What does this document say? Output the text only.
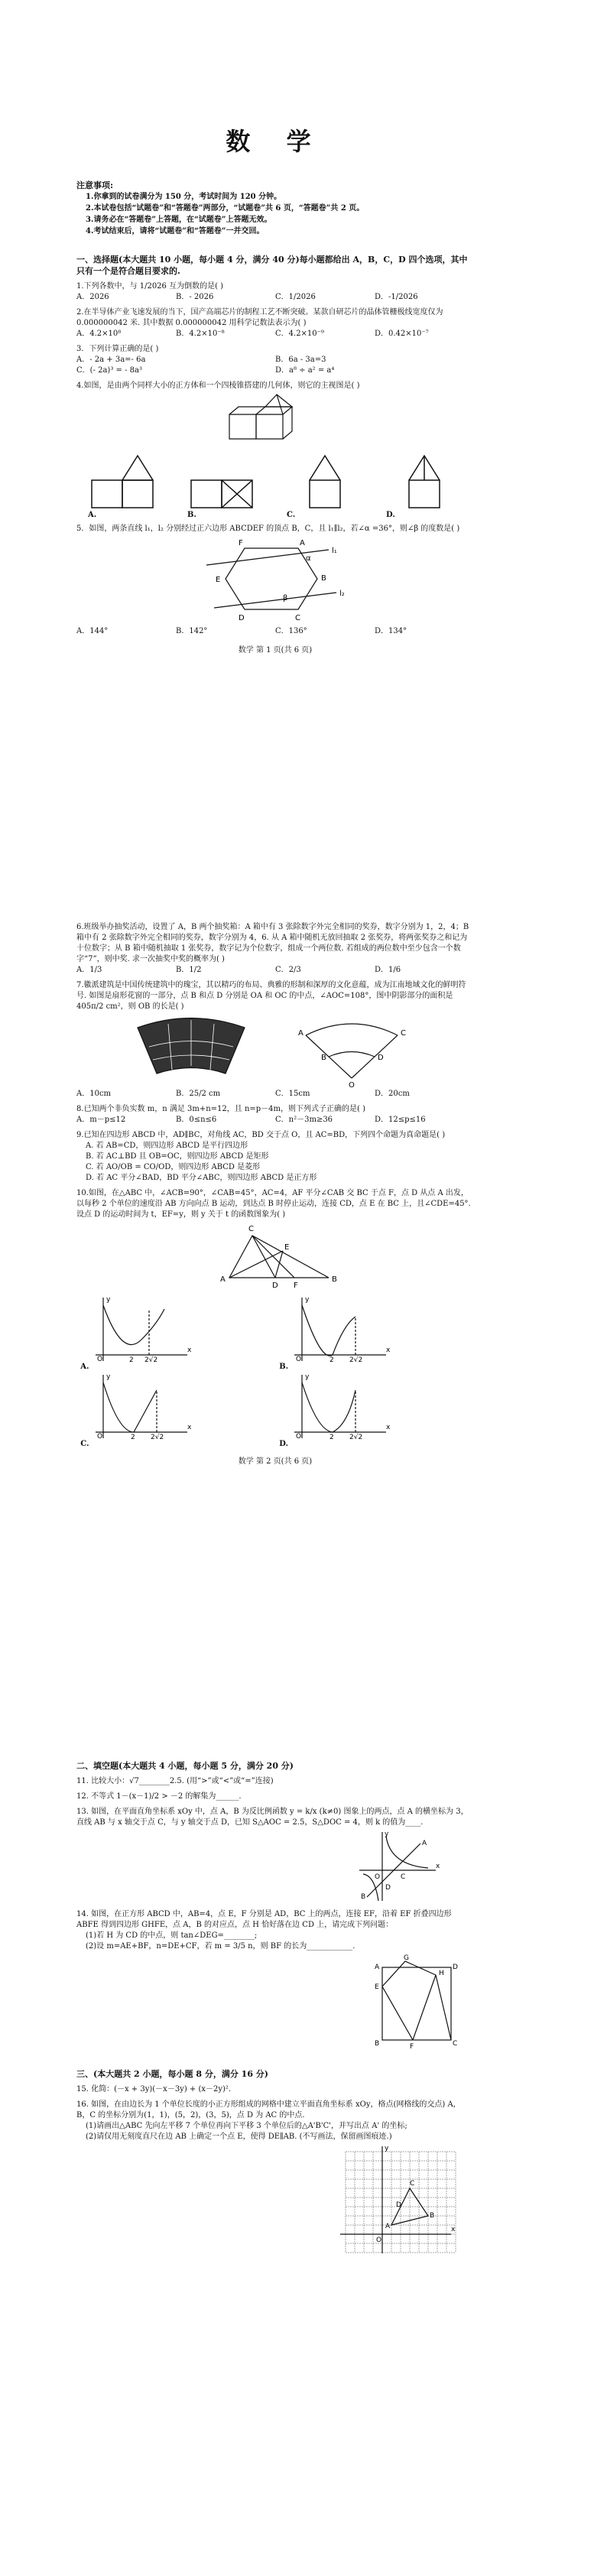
数 学
注意事项:
1.你拿到的试卷满分为 150 分，考试时间为 120 分钟。
2.本试卷包括“试题卷”和“答题卷”两部分，“试题卷”共 6 页，“答题卷”共 2 页。
3.请务必在“答题卷”上答题，在“试题卷”上答题无效。
4.考试结束后，请将“试题卷”和“答题卷”一并交回。
一、选择题(本大题共 10 小题，每小题 4 分，满分 40 分)每小题都给出 A，B，C，D 四个选项，其中只有一个是符合题目要求的.
1.下列各数中，与 1/2026 互为倒数的是( )
A．2026	B．- 2026	C．1/2026	D．-1/2026
2.在半导体产业飞速发展的当下，国产高端芯片的制程工艺不断突破。某款自研芯片的晶体管栅极线宽度仅为 0.000000042 米. 其中数据 0.000000042 用科学记数法表示为( )
A．4.2×10⁸	B．4.2×10⁻⁸	C．4.2×10⁻⁹	D．0.42×10⁻⁷
3．下列计算正确的是( )
A．- 2a + 3a=- 6a	B．6a - 3a=3
C．(- 2a)³ = - 8a³	D．a⁸ ÷ a² = a⁴
4.如图，是由两个同样大小的正方体和一个四棱锥搭建的几何体，则它的主视图是( )
A.	B.	C.	D.
5．如图，两条直线 l₁，l₂ 分别经过正六边形 ABCDEF 的顶点 B，C，且 l₁∥l₂，若∠α =36°，则∠β 的度数是( )
F	A
B
C
D
E
l₁
l₂
α
β
A．144°	B．142°	C．136°	D．134°
数学 第 1 页(共 6 页)
6.班级举办抽奖活动，设置了 A，B 两个抽奖箱：A 箱中有 3 张除数字外完全相同的奖券，数字分别为 1，2，4；B 箱中有 2 张除数字外完全相同的奖券，数字分别为 4，6. 从 A 箱中随机无放回抽取 2 张奖券，将两张奖券之和记为十位数字；从 B 箱中随机抽取 1 张奖券，数字记为个位数字，组成一个两位数. 若组成的两位数中至少包含一个数字“7”，则中奖. 求一次抽奖中奖的概率为( )
A．1/3	B．1/2	C．2/3	D．1/6
7.徽派建筑是中国传统建筑中的瑰宝，其以精巧的布局、典雅的形制和深厚的文化意蕴，成为江南地域文化的鲜明符号. 如图是扇形花窗的一部分，点 B 和点 D 分别是 OA 和 OC 的中点，∠AOC=108°，图中阴影部分的面积是 405π/2 cm²，则 OB 的长是( )
A
B
C
D
O
A．10cm	B．25/2 cm	C．15cm	D．20cm
8.已知两个非负实数 m，n 满足 3m+n=12，且 n=p－4m，则下列式子正确的是( )
A．m－p≤12	B．0≤n≤6	C．n²－3m≥36	D．12≤p≤16
9.已知在四边形 ABCD 中，AD∥BC，对角线 AC，BD 交于点 O，且 AC=BD，下列四个命题为真命题是( )
A. 若 AB=CD，则四边形 ABCD 是平行四边形
B. 若 AC⊥BD 且 OB=OC，则四边形 ABCD 是矩形
C. 若 AO/OB = CO/OD，则四边形 ABCD 是菱形
D. 若 AC 平分∠BAD，BD 平分∠ABC，则四边形 ABCD 是正方形
10.如图，在△ABC 中，∠ACB=90°，∠CAB=45°，AC=4，AF 平分∠CAB 交 BC 于点 F，点 D 从点 A 出发，以每秒 2 个单位的速度沿 AB 方向向点 B 运动，到达点 B 时停止运动，连接 CD，点 E 在 BC 上，且∠CDE=45°. 设点 D 的运动时间为 t，EF=y，则 y 关于 t 的函数图象为( )
C
A	B
E
D F
y
x
O	2 2√2
A.
y
x
O	2 2√2
B.
y
x
O	2 2√2
C.
y
x
O	2 2√2
D.
数学 第 2 页(共 6 页)
二、填空题(本大题共 4 小题，每小题 5 分，满分 20 分)
11. 比较大小：√7________2.5. (用“>”或“<”或“=”连接)
12. 不等式 1－(x－1)/2 > －2 的解集为______.
13. 如图，在平面直角坐标系 xOy 中，点 A，B 为反比例函数 y = k/x (k≠0) 图象上的两点，点 A 的横坐标为 3，直线 AB 与 x 轴交于点 C，与 y 轴交于点 D，已知 S△AOC = 2.5，S△DOC = 4，则 k 的值为____.
x
y
O
A
B
C
D
14. 如图，在正方形 ABCD 中，AB=4，点 E，F 分别是 AD，BC 上的两点，连接 EF，沿着 EF 折叠四边形 ABFE 得到四边形 GHFE，点 A，B 的对应点，点 H 恰好落在边 CD 上，请完成下列问题：
(1)若 H 为 CD 的中点，则 tan∠DEG=________;
(2)设 m=AE+BF，n=DE+CF，若 m = 3/5 n，则 BF 的长为____________.
A
B	C
D
E
F
G
H
三、(本大题共 2 小题，每小题 8 分，满分 16 分)
15. 化简：(－x + 3y)(－x－3y) + (x－2y)².
16. 如图，在由边长为 1 个单位长度的小正方形组成的网格中建立平面直角坐标系 xOy，格点(网格线的交点) A，B，C 的坐标分别为(1，1)，(5，2)，(3，5)，点 D 为 AC 的中点.
(1)请画出△ABC 先向左平移 7 个单位再向下平移 3 个单位后的△A'B'C'，并写出点 A' 的坐标;
(2)请仅用无刻度直尺在边 AB 上确定一个点 E，使得 DE∥AB. (不写画法，保留画图痕迹.)
x
y
O
A
B
C
D
